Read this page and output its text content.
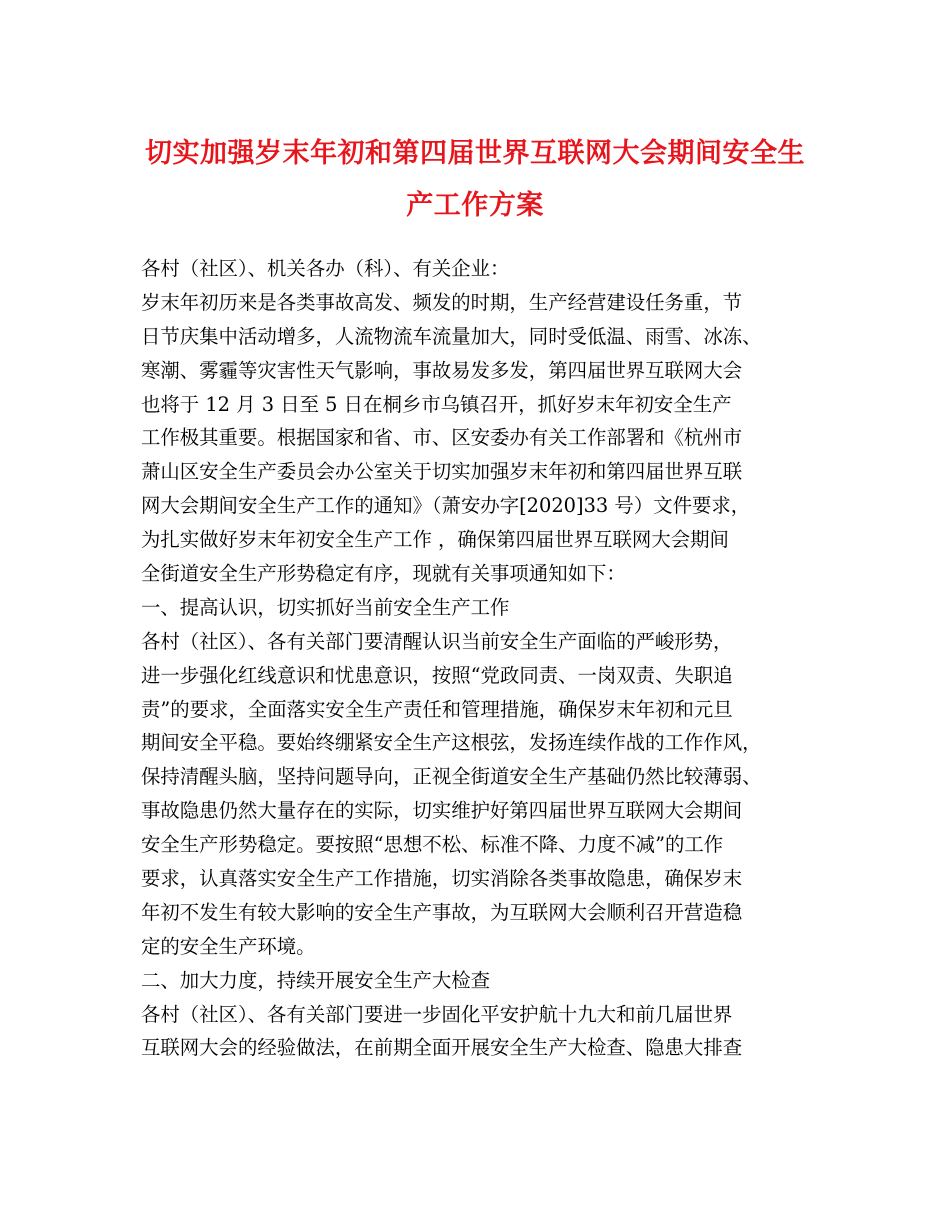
切实加强岁末年初和第四届世界互联网大会期间安全生
产工作方案
各村（社区）、机关各办（科）、有关企业：
岁末年初历来是各类事故高发、频发的时期，生产经营建设任务重，节
日节庆集中活动增多，人流物流车流量加大，同时受低温、雨雪、冰冻、
寒潮、雾霾等灾害性天气影响，事故易发多发，第四届世界互联网大会
也将于 12 月 3 日至 5 日在桐乡市乌镇召开，抓好岁末年初安全生产
工作极其重要。根据国家和省、市、区安委办有关工作部署和《杭州市
萧山区安全生产委员会办公室关于切实加强岁末年初和第四届世界互联
网大会期间安全生产工作的通知》（萧安办字[2020]33 号）文件要求，
为扎实做好岁末年初安全生产工作 ，确保第四届世界互联网大会期间
全街道安全生产形势稳定有序，现就有关事项通知如下：
一、提高认识，切实抓好当前安全生产工作
各村（社区）、各有关部门要清醒认识当前安全生产面临的严峻形势，
进一步强化红线意识和忧患意识，按照“党政同责、一岗双责、失职追
责”的要求，全面落实安全生产责任和管理措施，确保岁末年初和元旦
期间安全平稳。要始终绷紧安全生产这根弦，发扬连续作战的工作作风，
保持清醒头脑，坚持问题导向，正视全街道安全生产基础仍然比较薄弱、
事故隐患仍然大量存在的实际，切实维护好第四届世界互联网大会期间
安全生产形势稳定。要按照“思想不松、标准不降、力度不减”的工作
要求，认真落实安全生产工作措施，切实消除各类事故隐患，确保岁末
年初不发生有较大影响的安全生产事故，为互联网大会顺利召开营造稳
定的安全生产环境。
二、加大力度，持续开展安全生产大检查
各村（社区）、各有关部门要进一步固化平安护航十九大和前几届世界
互联网大会的经验做法，在前期全面开展安全生产大检查、隐患大排查
